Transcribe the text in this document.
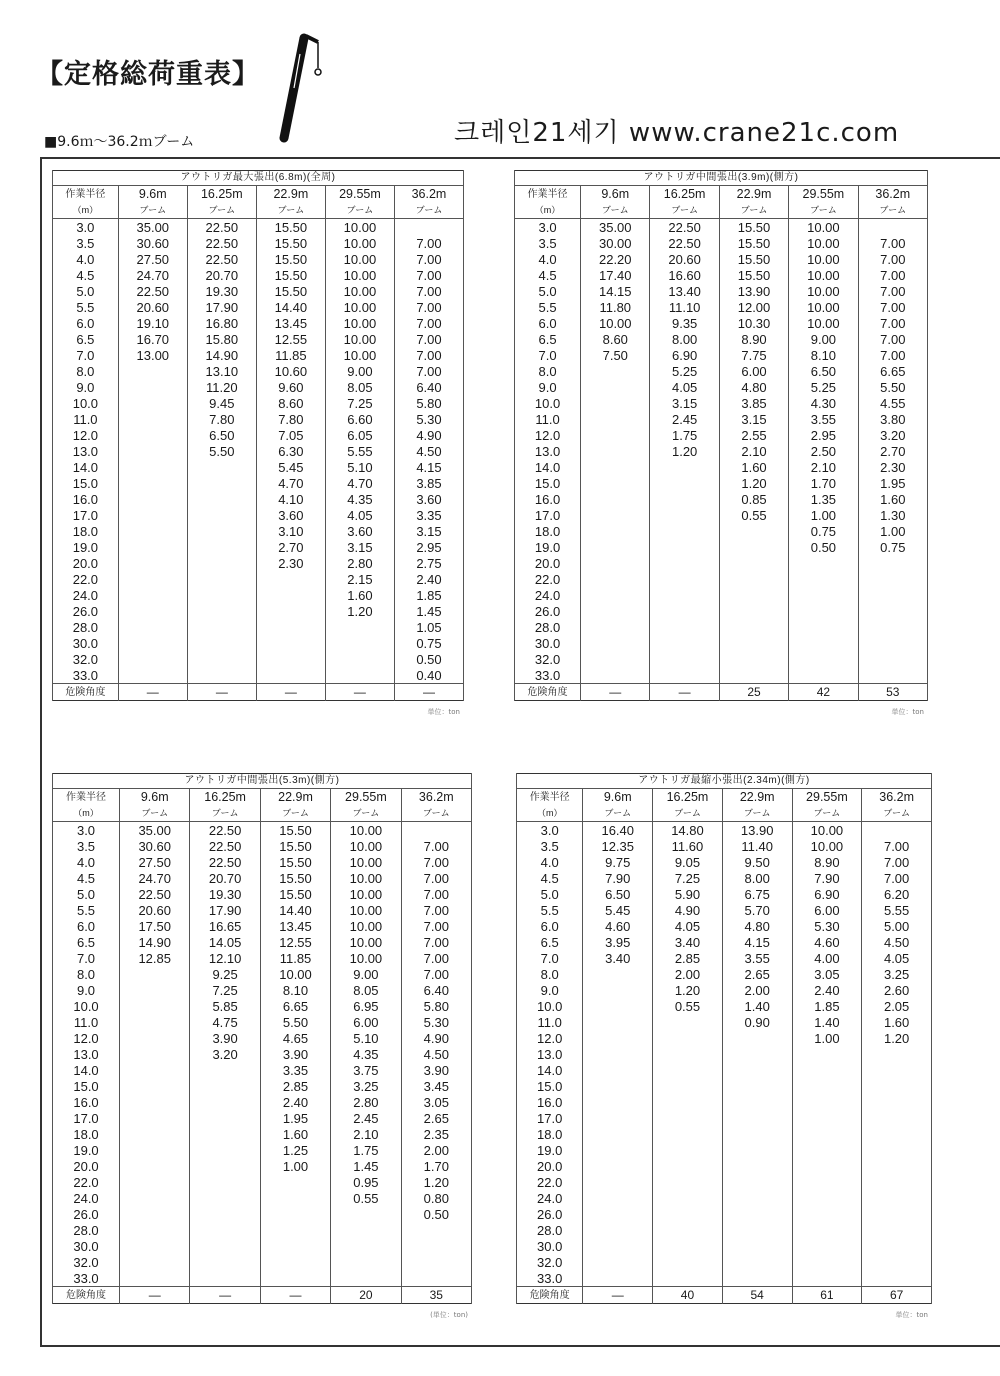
【定格総荷重表】
■9.6ｍ〜36.2ｍブーム	크레인21세기 www.crane21c.com
アウトリガ最大張出(6.8m)(全周)					
作業半径	9.6m	16.25m	22.9m	29.55m	36.2m
（m）	ブーム	ブーム	ブーム	ブーム	ブーム
3.0	35.00	22.50	15.50	10.00	
3.5	30.60	22.50	15.50	10.00	7.00
4.0	27.50	22.50	15.50	10.00	7.00
4.5	24.70	20.70	15.50	10.00	7.00
5.0	22.50	19.30	15.50	10.00	7.00
5.5	20.60	17.90	14.40	10.00	7.00
6.0	19.10	16.80	13.45	10.00	7.00
6.5	16.70	15.80	12.55	10.00	7.00
7.0	13.00	14.90	11.85	10.00	7.00
8.0		13.10	10.60	9.00	7.00
9.0		11.20	9.60	8.05	6.40
10.0		9.45	8.60	7.25	5.80
11.0		7.80	7.80	6.60	5.30
12.0		6.50	7.05	6.05	4.90
13.0		5.50	6.30	5.55	4.50
14.0			5.45	5.10	4.15
15.0			4.70	4.70	3.85
16.0			4.10	4.35	3.60
17.0			3.60	4.05	3.35
18.0			3.10	3.60	3.15
19.0			2.70	3.15	2.95
20.0			2.30	2.80	2.75
22.0				2.15	2.40
24.0				1.60	1.85
26.0				1.20	1.45
28.0					1.05
30.0					0.75
32.0					0.50
33.0					0.40
危険角度	—	—	—	—	—
単位：ton
アウトリガ中間張出(3.9m)(側方)					
作業半径	9.6m	16.25m	22.9m	29.55m	36.2m
（m）	ブーム	ブーム	ブーム	ブーム	ブーム
3.0	35.00	22.50	15.50	10.00	
3.5	30.00	22.50	15.50	10.00	7.00
4.0	22.20	20.60	15.50	10.00	7.00
4.5	17.40	16.60	15.50	10.00	7.00
5.0	14.15	13.40	13.90	10.00	7.00
5.5	11.80	11.10	12.00	10.00	7.00
6.0	10.00	9.35	10.30	10.00	7.00
6.5	8.60	8.00	8.90	9.00	7.00
7.0	7.50	6.90	7.75	8.10	7.00
8.0		5.25	6.00	6.50	6.65
9.0		4.05	4.80	5.25	5.50
10.0		3.15	3.85	4.30	4.55
11.0		2.45	3.15	3.55	3.80
12.0		1.75	2.55	2.95	3.20
13.0		1.20	2.10	2.50	2.70
14.0			1.60	2.10	2.30
15.0			1.20	1.70	1.95
16.0			0.85	1.35	1.60
17.0			0.55	1.00	1.30
18.0				0.75	1.00
19.0				0.50	0.75
20.0					
22.0					
24.0					
26.0					
28.0					
30.0					
32.0					
33.0					
危険角度	—	—	25	42	53
単位：ton
アウトリガ中間張出(5.3m)(側方)					
作業半径	9.6m	16.25m	22.9m	29.55m	36.2m
（m）	ブーム	ブーム	ブーム	ブーム	ブーム
3.0	35.00	22.50	15.50	10.00	
3.5	30.60	22.50	15.50	10.00	7.00
4.0	27.50	22.50	15.50	10.00	7.00
4.5	24.70	20.70	15.50	10.00	7.00
5.0	22.50	19.30	15.50	10.00	7.00
5.5	20.60	17.90	14.40	10.00	7.00
6.0	17.50	16.65	13.45	10.00	7.00
6.5	14.90	14.05	12.55	10.00	7.00
7.0	12.85	12.10	11.85	10.00	7.00
8.0		9.25	10.00	9.00	7.00
9.0		7.25	8.10	8.05	6.40
10.0		5.85	6.65	6.95	5.80
11.0		4.75	5.50	6.00	5.30
12.0		3.90	4.65	5.10	4.90
13.0		3.20	3.90	4.35	4.50
14.0			3.35	3.75	3.90
15.0			2.85	3.25	3.45
16.0			2.40	2.80	3.05
17.0			1.95	2.45	2.65
18.0			1.60	2.10	2.35
19.0			1.25	1.75	2.00
20.0			1.00	1.45	1.70
22.0				0.95	1.20
24.0				0.55	0.80
26.0					0.50
28.0					
30.0					
32.0					
33.0					
危険角度	—	—	—	20	35
(単位：ton)
アウトリガ最縮小張出(2.34m)(側方)					
作業半径	9.6m	16.25m	22.9m	29.55m	36.2m
（m）	ブーム	ブーム	ブーム	ブーム	ブーム
3.0	16.40	14.80	13.90	10.00	
3.5	12.35	11.60	11.40	10.00	7.00
4.0	9.75	9.05	9.50	8.90	7.00
4.5	7.90	7.25	8.00	7.90	7.00
5.0	6.50	5.90	6.75	6.90	6.20
5.5	5.45	4.90	5.70	6.00	5.55
6.0	4.60	4.05	4.80	5.30	5.00
6.5	3.95	3.40	4.15	4.60	4.50
7.0	3.40	2.85	3.55	4.00	4.05
8.0		2.00	2.65	3.05	3.25
9.0		1.20	2.00	2.40	2.60
10.0		0.55	1.40	1.85	2.05
11.0			0.90	1.40	1.60
12.0				1.00	1.20
13.0					
14.0					
15.0					
16.0					
17.0					
18.0					
19.0					
20.0					
22.0					
24.0					
26.0					
28.0					
30.0					
32.0					
33.0					
危険角度	—	40	54	61	67
単位：ton
